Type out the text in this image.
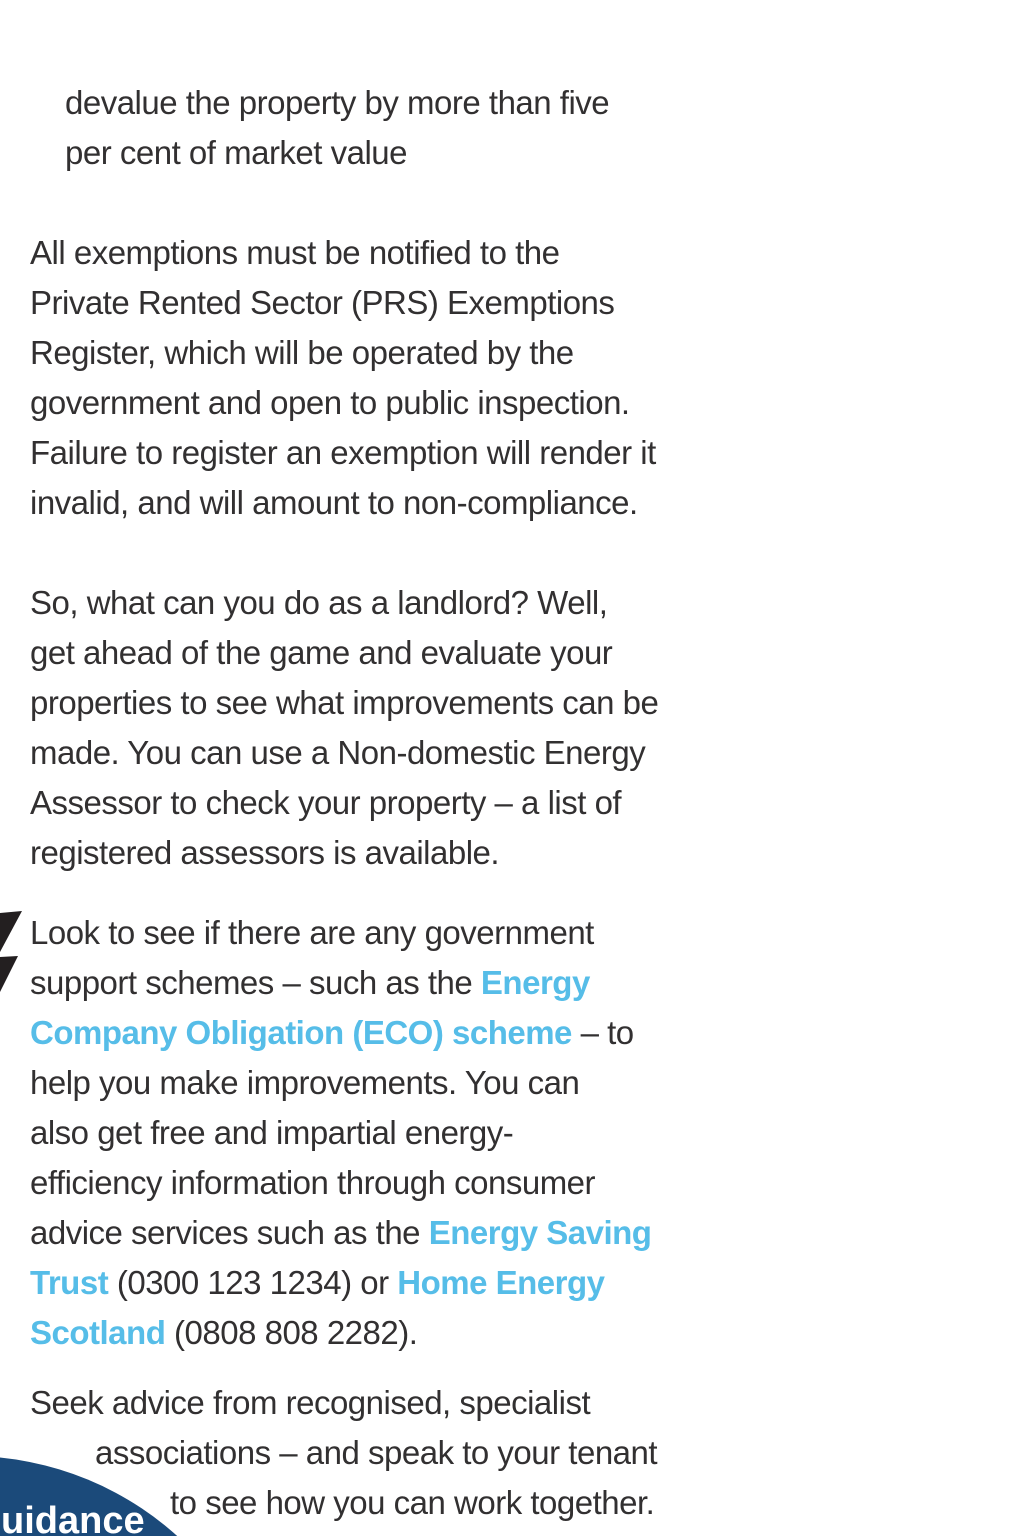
devalue the property by more than five
per cent of market value
All exemptions must be notified to the
Private Rented Sector (PRS) Exemptions
Register, which will be operated by the
government and open to public inspection.
Failure to register an exemption will render it
invalid, and will amount to non-compliance.
So, what can you do as a landlord? Well,
get ahead of the game and evaluate your
properties to see what improvements can be
made. You can use a Non-domestic Energy
Assessor to check your property – a list of
registered assessors is available.
Look to see if there are any government
support schemes – such as the Energy
Company Obligation (ECO) scheme – to
help you make improvements. You can
also get free and impartial energy-
efficiency information through consumer
advice services such as the Energy Saving
Trust (0300 123 1234) or Home Energy
Scotland (0808 808 2282).
Seek advice from recognised, specialist
associations – and speak to your tenant
to see how you can work together.
uidance
